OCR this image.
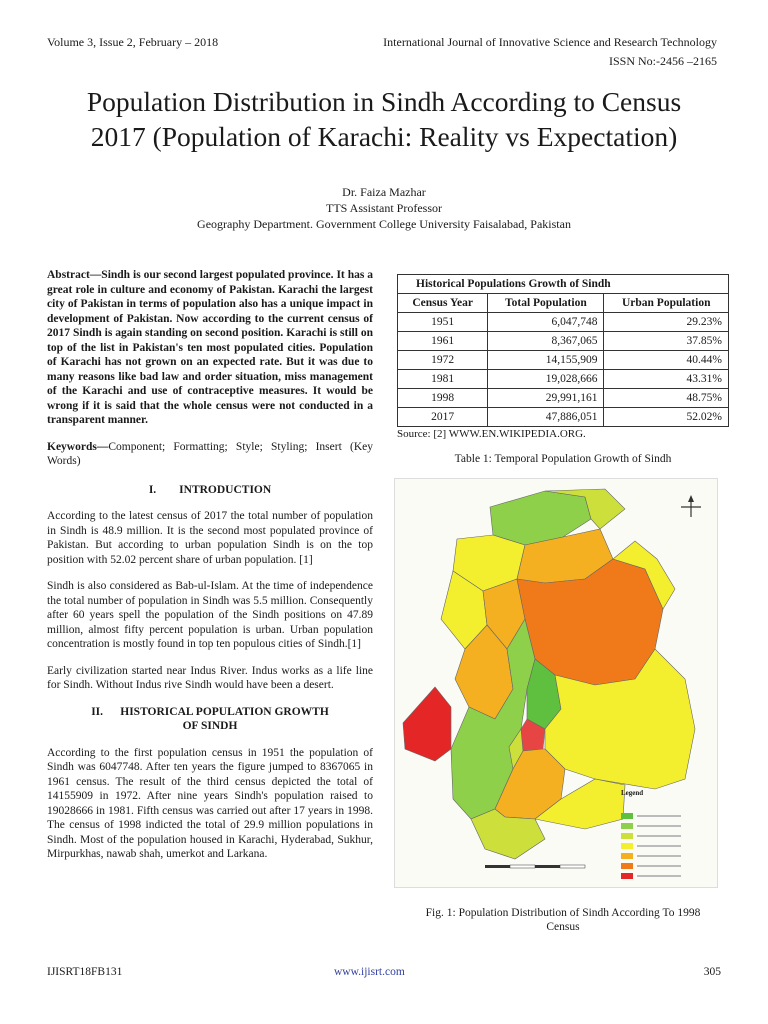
Volume 3, Issue 2, February – 2018	International Journal of Innovative Science and Research Technology
ISSN No:-2456 –2165
Population Distribution in Sindh According to Census
2017 (Population of Karachi: Reality vs Expectation)
Dr. Faiza Mazhar
TTS Assistant Professor
Geography Department. Government College University Faisalabad, Pakistan

Abstract—Sindh is our second largest populated province. It has a great role in culture and economy of Pakistan. Karachi the largest city of Pakistan in terms of population also has a unique impact in development of Pakistan. Now according to the current census of 2017 Sindh is again standing on second position. Karachi is still on top of the list in Pakistan's ten most populated cities. Population of Karachi has not grown on an expected rate. But it was due to many reasons like bad law and order situation, miss management of the Karachi and use of contraceptive measures. It would be wrong if it is said that the whole census were not conducted in a transparent manner.

Keywords—Component; Formatting; Style; Styling; Insert (Key Words)

I.        INTRODUCTION

According to the latest census of 2017 the total number of population in Sindh is 48.9 million. It is the second most populated province of Pakistan. But according to urban population Sindh is on the top position with 52.02 percent share of urban population. [1]

Sindh is also considered as Bab-ul-Islam. At the time of independence the total number of population in Sindh was 5.5 million. Consequently after 60 years spell the population of the Sindh positions on 47.89 million, almost fifty percent population is urban. Urban population concentration is mostly found in top ten populous cities of Sindh.[1]

Early civilization started near Indus River. Indus works as a life line for Sindh. Without Indus rive Sindh would have been a desert.

II.      HISTORICAL POPULATION GROWTH
OF SINDH

According to the first population census in 1951 the population of Sindh was 6047748. After ten years the figure jumped to 8367065 in 1961 census. The result of the third census depicted the total of 14155909 in 1972. After nine years Sindh's population raised to 19028666 in 1981. Fifth census was carried out after 17 years in 1998. The census of 1998 indicted the total of 29.9 million populations in Sindh. Most of the population housed in Karachi, Hyderabad, Sukhur, Mirpurkhas, nawab shah, umerkot and Larkana.

Historical Populations Growth of Sindh		
Census Year	Total Population	Urban Population
1951	6,047,748	29.23%
1961	8,367,065	37.85%
1972	14,155,909	40.44%
1981	19,028,666	43.31%
1998	29,991,161	48.75%
2017	47,886,051	52.02%
Source: [2] WWW.EN.WIKIPEDIA.ORG.
Table 1: Temporal Population Growth of Sindh
Legend
Fig. 1: Population Distribution of Sindh According To 1998
Census
IJISRT18FB131	www.ijisrt.com	305
